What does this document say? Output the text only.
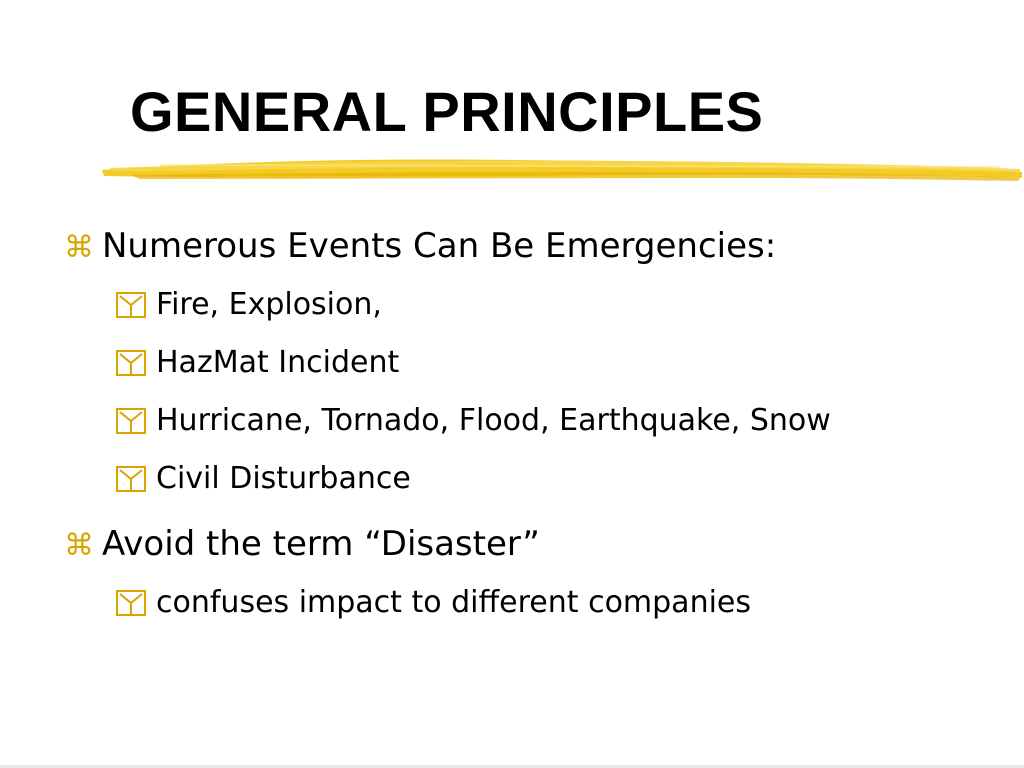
GENERAL PRINCIPLES
⌘ Numerous Events Can Be Emergencies:
Fire, Explosion,
HazMat Incident
Hurricane, Tornado, Flood, Earthquake, Snow
Civil Disturbance
⌘ Avoid the term “Disaster”
confuses impact to different companies
